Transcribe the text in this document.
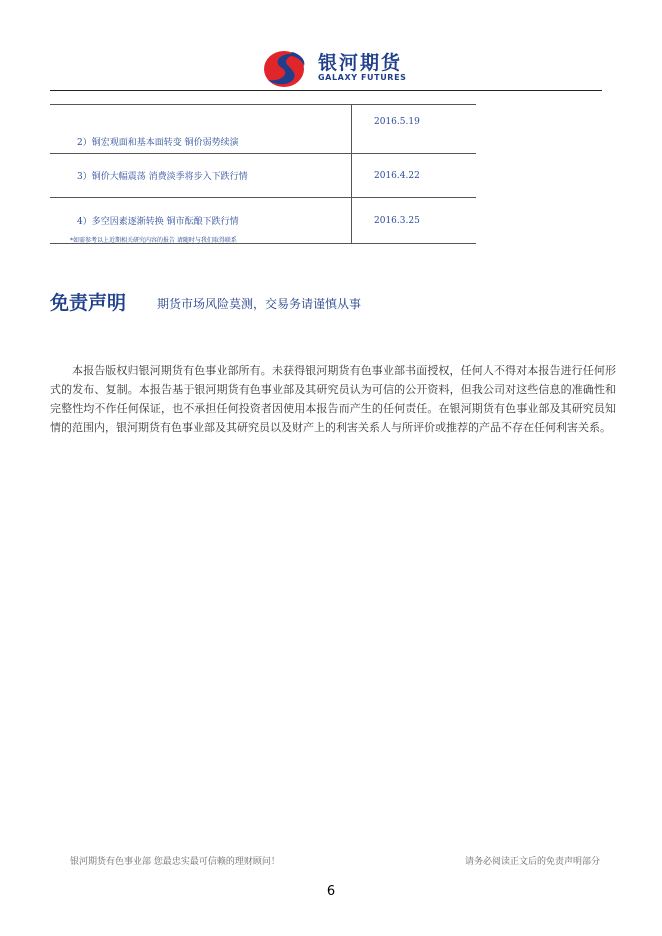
银河期货
GALAXY FUTURES
2）铜宏观面和基本面转变 铜价弱势续演	2016.5.19
3）铜价大幅震荡 消费淡季将步入下跌行情	2016.4.22
4）多空因素逐渐转换 铜市酝酿下跌行情	2016.3.25
*如需参考以上近期相关研究内容的报告 请随时与我们取得联系
免责声明	期货市场风险莫测，交易务请谨慎从事

本报告版权归银河期货有色事业部所有。未获得银河期货有色事业部书面授权，任何人不得对本报告进行任何形式的发布、复制。本报告基于银河期货有色事业部及其研究员认为可信的公开资料，但我公司对这些信息的准确性和完整性均不作任何保证，也不承担任何投资者因使用本报告而产生的任何责任。在银河期货有色事业部及其研究员知情的范围内，银河期货有色事业部及其研究员以及财产上的利害关系人与所评价或推荐的产品不存在任何利害关系。

银河期货有色事业部 您最忠实最可信赖的理财顾问！	请务必阅读正文后的免责声明部分
6
